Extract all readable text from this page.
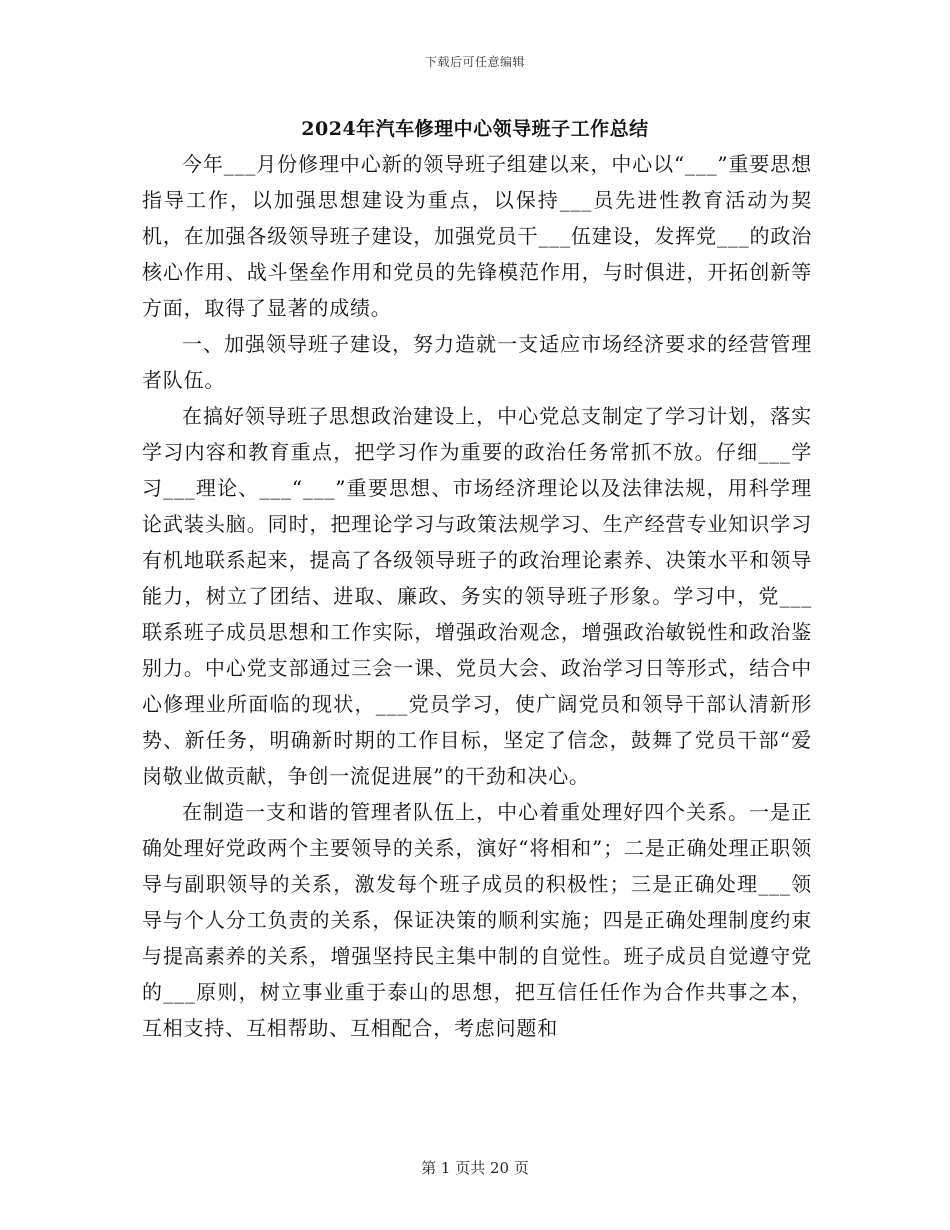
下载后可任意编辑
2024年汽车修理中心领导班子工作总结

今年___月份修理中心新的领导班子组建以来，中心以“___”重要思想指导工作，以加强思想建设为重点，以保持___员先进性教育活动为契机，在加强各级领导班子建设，加强党员干___伍建设，发挥党___的政治核心作用、战斗堡垒作用和党员的先锋模范作用，与时俱进，开拓创新等方面，取得了显著的成绩。

一、加强领导班子建设，努力造就一支适应市场经济要求的经营管理者队伍。

在搞好领导班子思想政治建设上，中心党总支制定了学习计划，落实学习内容和教育重点，把学习作为重要的政治任务常抓不放。仔细___学习___理论、___“___”重要思想、市场经济理论以及法律法规，用科学理论武装头脑。同时，把理论学习与政策法规学习、生产经营专业知识学习有机地联系起来，提高了各级领导班子的政治理论素养、决策水平和领导能力，树立了团结、进取、廉政、务实的领导班子形象。学习中，党___联系班子成员思想和工作实际，增强政治观念，增强政治敏锐性和政治鉴别力。中心党支部通过三会一课、党员大会、政治学习日等形式，结合中心修理业所面临的现状，___党员学习，使广阔党员和领导干部认清新形势、新任务，明确新时期的工作目标，坚定了信念，鼓舞了党员干部“爱岗敬业做贡献，争创一流促进展”的干劲和决心。

在制造一支和谐的管理者队伍上，中心着重处理好四个关系。一是正确处理好党政两个主要领导的关系，演好“将相和”；二是正确处理正职领导与副职领导的关系，激发每个班子成员的积极性；三是正确处理___领导与个人分工负责的关系，保证决策的顺利实施；四是正确处理制度约束与提高素养的关系，增强坚持民主集中制的自觉性。班子成员自觉遵守党的___原则，树立事业重于泰山的思想，把互信任任作为合作共事之本，互相支持、互相帮助、互相配合，考虑问题和

第 1 页共 20 页
